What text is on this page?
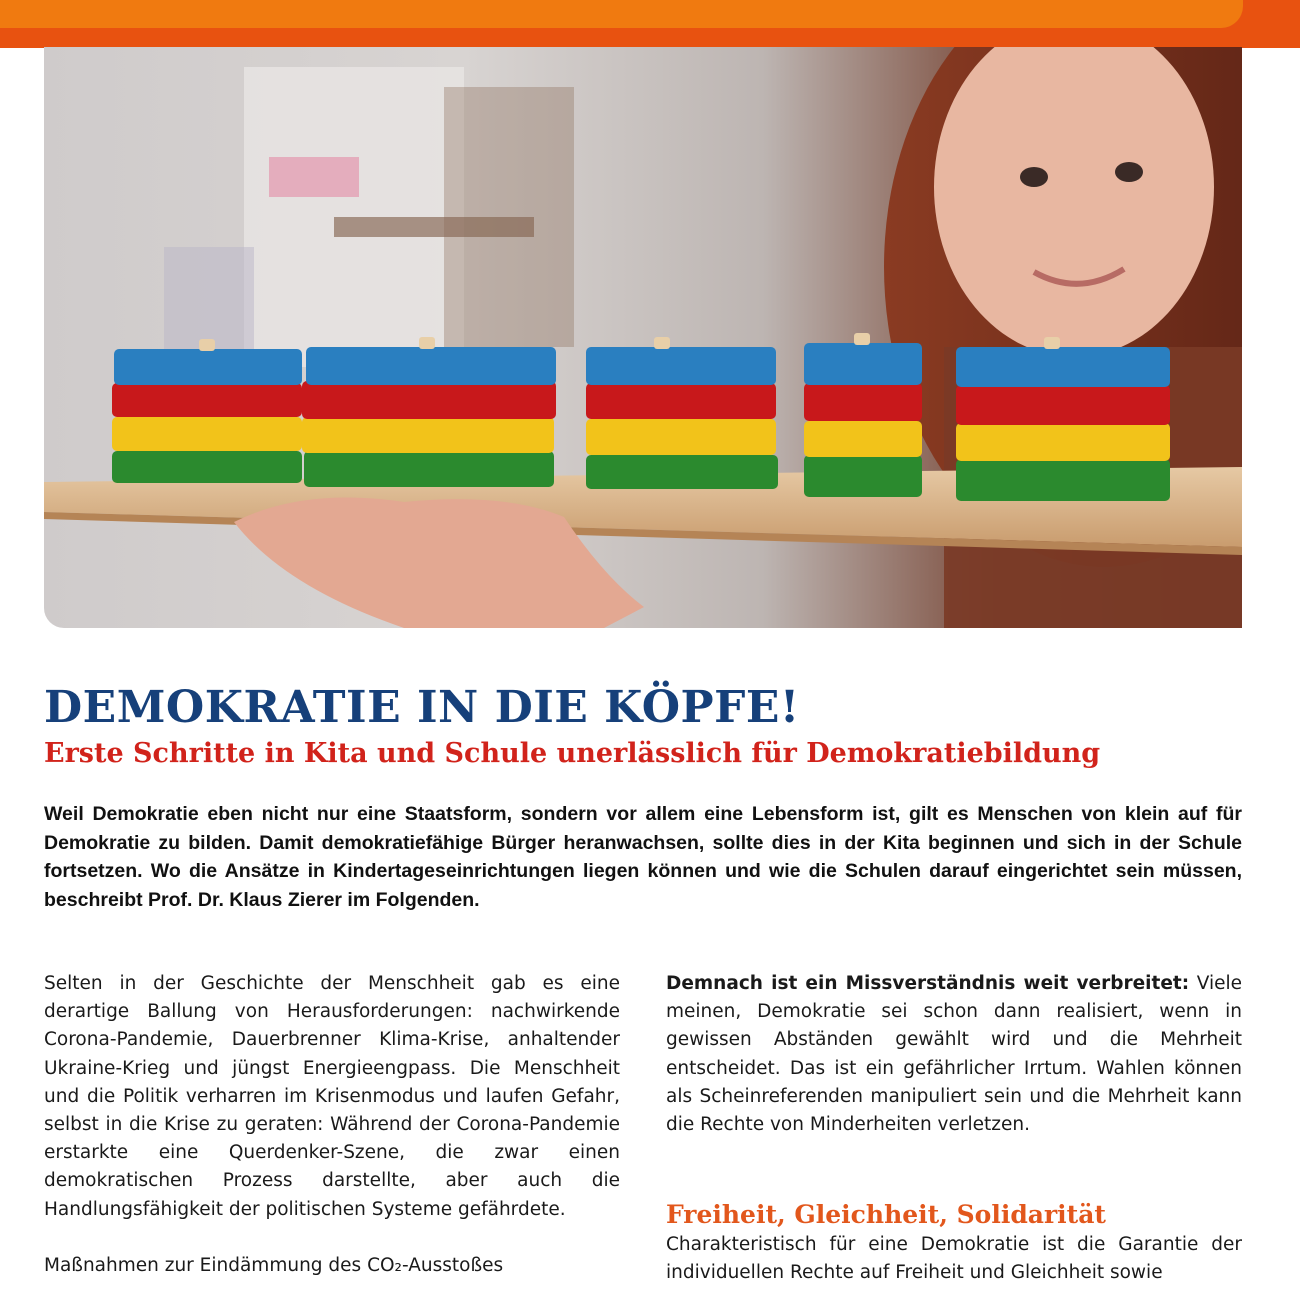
DEMOKRATIE IN DIE KÖPFE!
Erste Schritte in Kita und Schule unerlässlich für Demokratiebildung

Weil Demokratie eben nicht nur eine Staatsform, sondern vor allem eine Lebensform ist, gilt es Menschen von klein auf für Demokratie zu bilden. Damit demokratiefähige Bürger heranwachsen, sollte dies in der Kita beginnen und sich in der Schule fortsetzen. Wo die Ansätze in Kindertageseinrichtungen liegen können und wie die Schulen darauf eingerichtet sein müssen, beschreibt Prof. Dr. Klaus Zierer im Folgenden.

Selten in der Geschichte der Menschheit gab es eine derartige Ballung von Herausforderungen: nachwirkende Corona-Pandemie, Dauerbrenner Klima-Krise, anhaltender Ukraine-Krieg und jüngst Energieengpass. Die Menschheit und die Politik verharren im Krisenmodus und laufen Gefahr, selbst in die Krise zu geraten: Während der Corona-Pandemie erstarkte eine Querdenker-Szene, die zwar einen demokratischen Prozess darstellte, aber auch die Handlungsfähigkeit der politischen Systeme gefährdete.

Maßnahmen zur Eindämmung des CO₂-Ausstoßes

Demnach ist ein Missverständnis weit verbreitet: Viele meinen, Demokratie sei schon dann realisiert, wenn in gewissen Abständen gewählt wird und die Mehrheit entscheidet. Das ist ein gefährlicher Irrtum. Wahlen können als Scheinreferenden manipuliert sein und die Mehrheit kann die Rechte von Minderheiten verletzen.

Freiheit, Gleichheit, Solidarität

Charakteristisch für eine Demokratie ist die Garantie der individuellen Rechte auf Freiheit und Gleichheit sowie
